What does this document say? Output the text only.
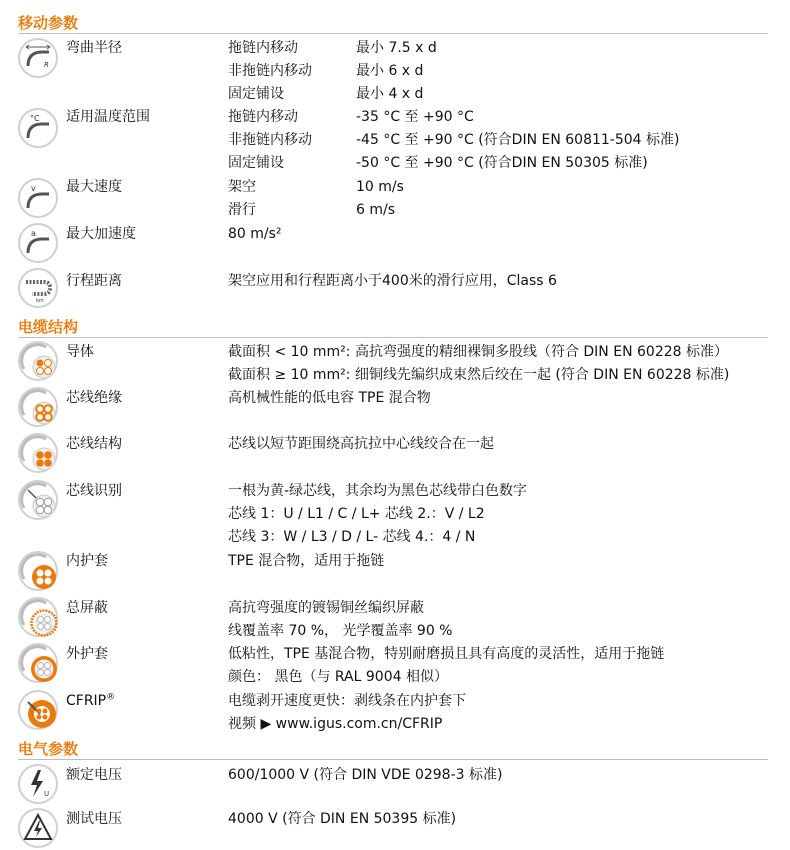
移动参数
R
弯曲半径	拖链内移动	最小 7.5 x d
非拖链内移动	最小 6 x d
固定铺设	最小 4 x d
°C 适用温度范围	拖链内移动	-35 °C 至 +90 °C
非拖链内移动	-45 °C 至 +90 °C (符合DIN EN 60811-504 标准)
固定铺设	-50 °C 至 +90 °C (符合DIN EN 50305 标准)
v 最大速度	架空	10 m/s
滑行	6 m/s
a 最大加速度	80 m/s²
km
行程距离	架空应用和行程距离小于400米的滑行应用，Class 6
电缆结构
导体	截面积 < 10 mm²: 高抗弯强度的精细裸铜多股线（符合 DIN EN 60228 标准）
截面积 ≥ 10 mm²: 细铜线先编织成束然后绞在一起 (符合 DIN EN 60228 标准)
芯线绝缘	高机械性能的低电容 TPE 混合物
芯线结构	芯线以短节距围绕高抗拉中心线绞合在一起
芯线识别	一根为黄-绿芯线，其余均为黑色芯线带白色数字
芯线 1：U / L1 / C / L+ 芯线 2.：V / L2
芯线 3：W / L3 / D / L- 芯线 4.：4 / N
内护套	TPE 混合物，适用于拖链
总屏蔽	高抗弯强度的镀锡铜丝编织屏蔽
线覆盖率 70 %， 光学覆盖率 90 %
外护套	低粘性，TPE 基混合物，特别耐磨损且具有高度的灵活性，适用于拖链
颜色： 黑色（与 RAL 9004 相似）
CFRIP®	电缆剥开速度更快：剥线条在内护套下
视频 ▶ www.igus.com.cn/CFRIP
电气参数
U
额定电压	600/1000 V (符合 DIN VDE 0298-3 标准)
测试电压	4000 V (符合 DIN EN 50395 标准)
